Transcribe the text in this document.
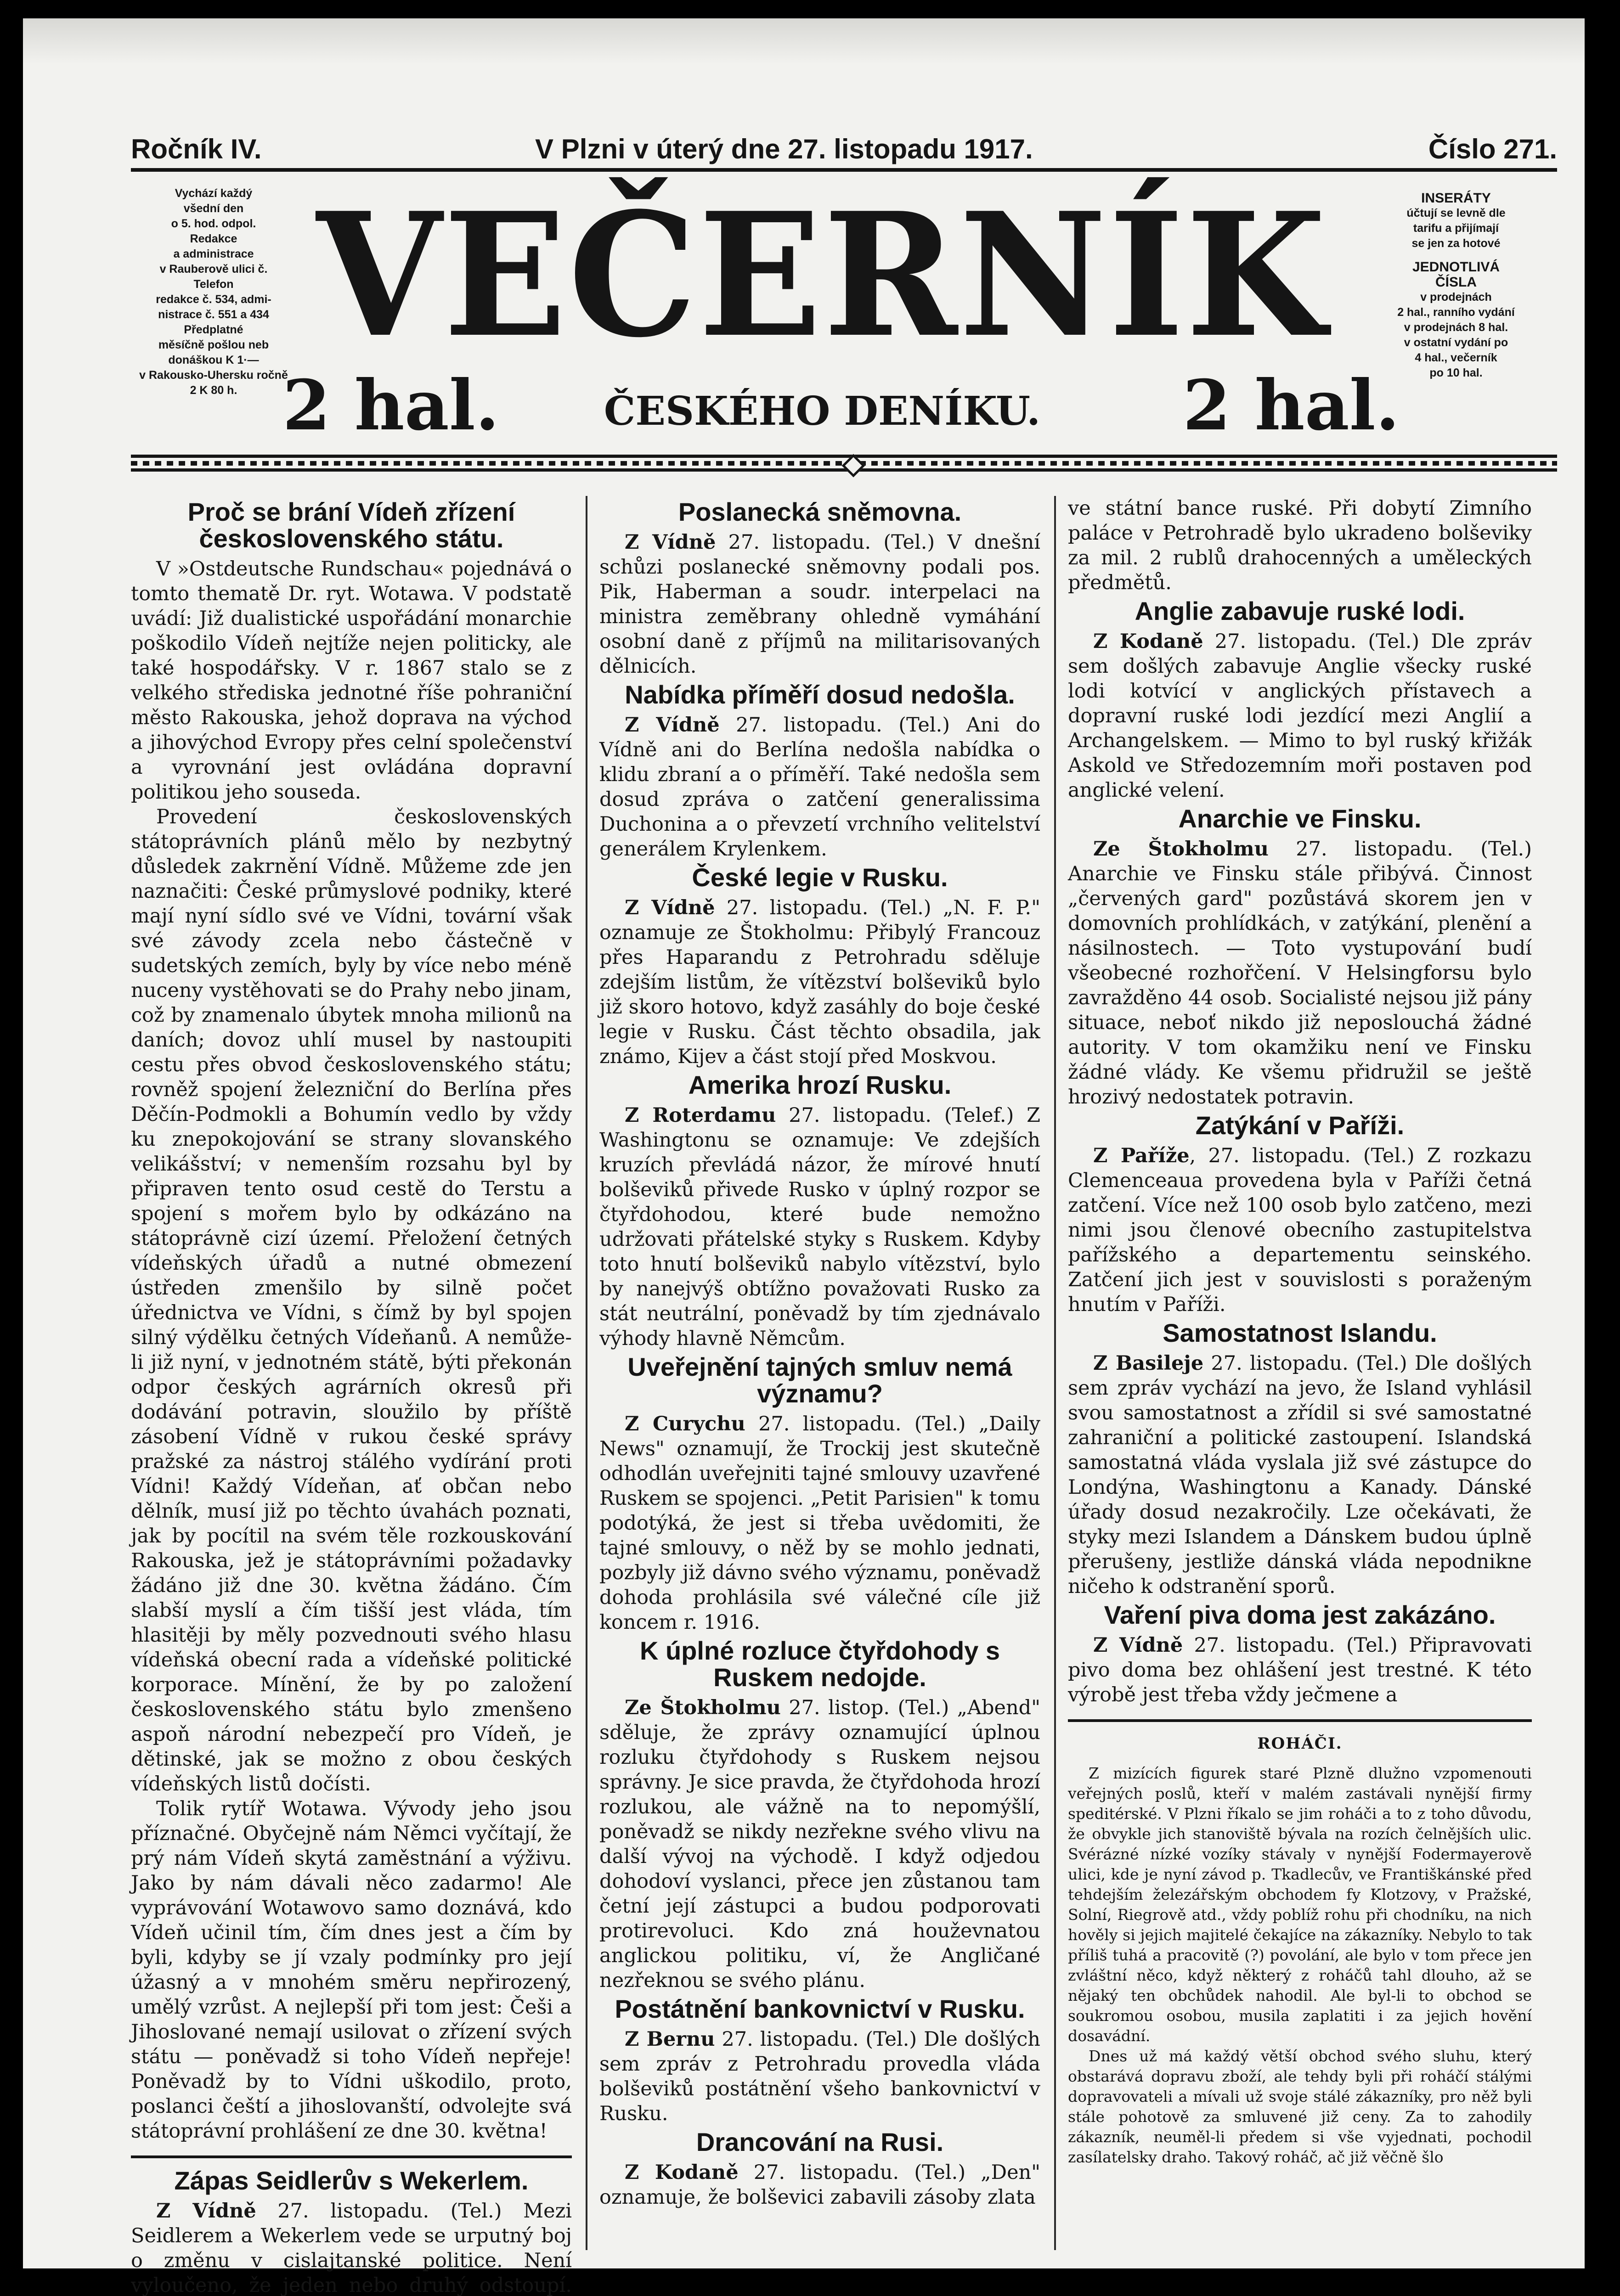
Ročník IV.	V Plzni v úterý dne 27. listopadu 1917.	Číslo 271.
Vychází každý
všední den
o 5. hod. odpol.
Redakce
a administrace
v Rauberově ulici č.
Telefon
redakce č. 534, admi-
nistrace č. 551 a 434
Předplatné
měsíčně pošlou neb
donáškou K 1·—
v Rakousko-Uhersku ročně
2 K 80 h.
VEČERNÍK
2 hal.	ČESKÉHO DENÍKU. 2 hal.
INSERÁTY
účtují se levně dle
tarifu a přijímají
se jen za hotové
JEDNOTLIVÁ
ČÍSLA
v prodejnách
2 hal., ranního vydání
v prodejnách 8 hal.
v ostatní vydání po
4 hal., večerník
po 10 hal.
Proč se brání Vídeň zřízení československého státu.

V »Ostdeutsche Rundschau« pojednává o tomto thematě Dr. ryt. Wotawa. V podstatě uvádí: Již dualistické uspořádání monarchie poškodilo Vídeň nejtíže nejen politicky, ale také hospodářsky. V r. 1867 stalo se z velkého střediska jednotné říše pohraniční město Rakouska, jehož doprava na východ a jihovýchod Evropy přes celní společenství a vyrovnání jest ovládána dopravní politikou jeho souseda.

Provedení československých státoprávních plánů mělo by nezbytný důsledek zakrnění Vídně. Můžeme zde jen naznačiti: České průmyslové podniky, které mají nyní sídlo své ve Vídni, tovární však své závody zcela nebo částečně v sudetských zemích, byly by více nebo méně nuceny vystěhovati se do Prahy nebo jinam, což by znamenalo úbytek mnoha milionů na daních; dovoz uhlí musel by nastoupiti cestu přes obvod československého státu; rovněž spojení železniční do Berlína přes Děčín-Podmokli a Bohumín vedlo by vždy ku znepokojování se strany slovanského velikášství; v nemenším rozsahu byl by připraven tento osud cestě do Terstu a spojení s mořem bylo by odkázáno na státoprávně cizí území. Přeložení četných vídeňských úřadů a nutné obmezení ústředen zmenšilo by silně počet úřednictva ve Vídni, s čímž by byl spojen silný výdělku četných Vídeňanů. A nemůže-li již nyní, v jednotném státě, býti překonán odpor českých agrárních okresů při dodávání potravin, sloužilo by příště zásobení Vídně v rukou české správy pražské za nástroj stálého vydírání proti Vídni! Každý Vídeňan, ať občan nebo dělník, musí již po těchto úvahách poznati, jak by pocítil na svém těle rozkouskování Rakouska, jež je státoprávními požadavky žádáno již dne 30. května žádáno. Čím slabší myslí a čím tišší jest vláda, tím hlasitěji by měly pozvednouti svého hlasu vídeňská obecní rada a vídeňské politické korporace. Mínění, že by po založení československého státu bylo zmenšeno aspoň národní nebezpečí pro Vídeň, je dětinské, jak se možno z obou českých vídeňských listů dočísti.

Tolik rytíř Wotawa. Vývody jeho jsou příznačné. Obyčejně nám Němci vyčítají, že prý nám Vídeň skytá zaměstnání a výživu. Jako by nám dávali něco zadarmo! Ale vyprávování Wotawovo samo doznává, kdo Vídeň učinil tím, čím dnes jest a čím by byli, kdyby se jí vzaly podmínky pro její úžasný a v mnohém směru nepřirozený, umělý vzrůst. A nejlepší při tom jest: Češi a Jihoslované nemají usilovat o zřízení svých státu — poněvadž si toho Vídeň nepřeje! Poněvadž by to Vídni uškodilo, proto, poslanci čeští a jihoslovanští, odvolejte svá státoprávní prohlášení ze dne 30. května!

Zápas Seidlerův s Wekerlem.

Z Vídně 27. listopadu. (Tel.) Mezi Seidlerem a Wekerlem vede se urputný boj o změnu v cislajtanské politice. Není vyloučeno, že jeden nebo druhý odstoupí.

Poslanecká sněmovna.

Z Vídně 27. listopadu. (Tel.) V dnešní schůzi poslanecké sněmovny podali pos. Pik, Haberman a soudr. interpelaci na ministra zeměbrany ohledně vymáhání osobní daně z příjmů na militarisovaných dělnicích.

Nabídka příměří dosud nedošla.

Z Vídně 27. listopadu. (Tel.) Ani do Vídně ani do Berlína nedošla nabídka o klidu zbraní a o příměří. Také nedošla sem dosud zpráva o zatčení generalissima Duchonina a o převzetí vrchního velitelství generálem Krylenkem.

České legie v Rusku.

Z Vídně 27. listopadu. (Tel.) „N. F. P." oznamuje ze Štokholmu: Přibylý Francouz přes Haparandu z Petrohradu sděluje zdejším listům, že vítězství bolševiků bylo již skoro hotovo, když zasáhly do boje české legie v Rusku. Část těchto obsadila, jak známo, Kijev a část stojí před Moskvou.

Amerika hrozí Rusku.

Z Roterdamu 27. listopadu. (Telef.) Z Washingtonu se oznamuje: Ve zdejších kruzích převládá názor, že mírové hnutí bolševiků přivede Rusko v úplný rozpor se čtyřdohodou, které bude nemožno udržovati přátelské styky s Ruskem. Kdyby toto hnutí bolševiků nabylo vítězství, bylo by nanejvýš obtížno považovati Rusko za stát neutrální, poněvadž by tím zjednávalo výhody hlavně Němcům.

Uveřejnění tajných smluv nemá významu?

Z Curychu 27. listopadu. (Tel.) „Daily News" oznamují, že Trockij jest skutečně odhodlán uveřejniti tajné smlouvy uzavřené Ruskem se spojenci. „Petit Parisien" k tomu podotýká, že jest si třeba uvědomiti, že tajné smlouvy, o něž by se mohlo jednati, pozbyly již dávno svého významu, poněvadž dohoda prohlásila své válečné cíle již koncem r. 1916.

K úplné rozluce čtyřdohody s Ruskem nedojde.

Ze Štokholmu 27. listop. (Tel.) „Abend" sděluje, že zprávy oznamující úplnou rozluku čtyřdohody s Ruskem nejsou správny. Je sice pravda, že čtyřdohoda hrozí rozlukou, ale vážně na to nepomýšlí, poněvadž se nikdy nezřekne svého vlivu na další vývoj na východě. I když odjedou dohodoví vyslanci, přece jen zůstanou tam četní její zástupci a budou podporovati protirevoluci. Kdo zná houževnatou anglickou politiku, ví, že Angličané nezřeknou se svého plánu.

Postátnění bankovnictví v Rusku.

Z Bernu 27. listopadu. (Tel.) Dle došlých sem zpráv z Petrohradu provedla vláda bolševiků postátnění všeho bankovnictví v Rusku.

Drancování na Rusi.

Z Kodaně 27. listopadu. (Tel.) „Den" oznamuje, že bolševici zabavili zásoby zlata

ve státní bance ruské. Při dobytí Zimního paláce v Petrohradě bylo ukradeno bolševiky za mil. 2 rublů drahocenných a uměleckých předmětů.

Anglie zabavuje ruské lodi.

Z Kodaně 27. listopadu. (Tel.) Dle zpráv sem došlých zabavuje Anglie všecky ruské lodi kotvící v anglických přístavech a dopravní ruské lodi jezdící mezi Anglií a Archangelskem. — Mimo to byl ruský křižák Askold ve Středozemním moři postaven pod anglické velení.

Anarchie ve Finsku.

Ze Štokholmu 27. listopadu. (Tel.) Anarchie ve Finsku stále přibývá. Činnost „červených gard" pozůstává skorem jen v domovních prohlídkách, v zatýkání, plenění a násilnostech. — Toto vystupování budí všeobecné rozhořčení. V Helsingforsu bylo zavražděno 44 osob. Socialisté nejsou již pány situace, neboť nikdo již neposlouchá žádné autority. V tom okamžiku není ve Finsku žádné vlády. Ke všemu přidružil se ještě hrozivý nedostatek potravin.

Zatýkání v Paříži.

Z Paříže, 27. listopadu. (Tel.) Z rozkazu Clemenceaua provedena byla v Paříži četná zatčení. Více než 100 osob bylo zatčeno, mezi nimi jsou členové obecního zastupitelstva pařížského a departementu seinského. Zatčení jich jest v souvislosti s poraženým hnutím v Paříži.

Samostatnost Islandu.

Z Basileje 27. listopadu. (Tel.) Dle došlých sem zpráv vychází na jevo, že Island vyhlásil svou samostatnost a zřídil si své samostatné zahraniční a politické zastoupení. Islandská samostatná vláda vyslala již své zástupce do Londýna, Washingtonu a Kanady. Dánské úřady dosud nezakročily. Lze očekávati, že styky mezi Islandem a Dánskem budou úplně přerušeny, jestliže dánská vláda nepodnikne ničeho k odstranění sporů.

Vaření piva doma jest zakázáno.

Z Vídně 27. listopadu. (Tel.) Připravovati pivo doma bez ohlášení jest trestné. K této výrobě jest třeba vždy ječmene a

ROHÁČI.

Z mizících figurek staré Plzně dlužno vzpomenouti veřejných poslů, kteří v malém zastávali nynější firmy speditérské. V Plzni říkalo se jim roháči a to z toho důvodu, že obvykle jich stanoviště bývala na rozích čelnějších ulic. Svérázné nízké vozíky stávaly v nynější Fodermayerově ulici, kde je nyní závod p. Tkadlecův, ve Františkánské před tehdejším železářským obchodem fy Klotzovy, v Pražské, Solní, Riegrově atd., vždy poblíž rohu při chodníku, na nich hověly si jejich majitelé čekajíce na zákazníky. Nebylo to tak příliš tuhá a pracovitě (?) povolání, ale bylo v tom přece jen zvláštní něco, když některý z roháčů tahl dlouho, až se nějaký ten obchůdek nahodil. Ale byl-li to obchod se soukromou osobou, musila zaplatiti i za jejich hovění dosavádní.

Dnes už má každý větší obchod svého sluhu, který obstarává dopravu zboží, ale tehdy byli při roháčí stálými dopravovateli a mívali už svoje stálé zákazníky, pro něž byli stále pohotově za smluvené již ceny. Za to zahodily zákazník, neuměl-li předem si vše vyjednati, pochodil zasílatelsky draho. Takový roháč, ač již věčně šlo
